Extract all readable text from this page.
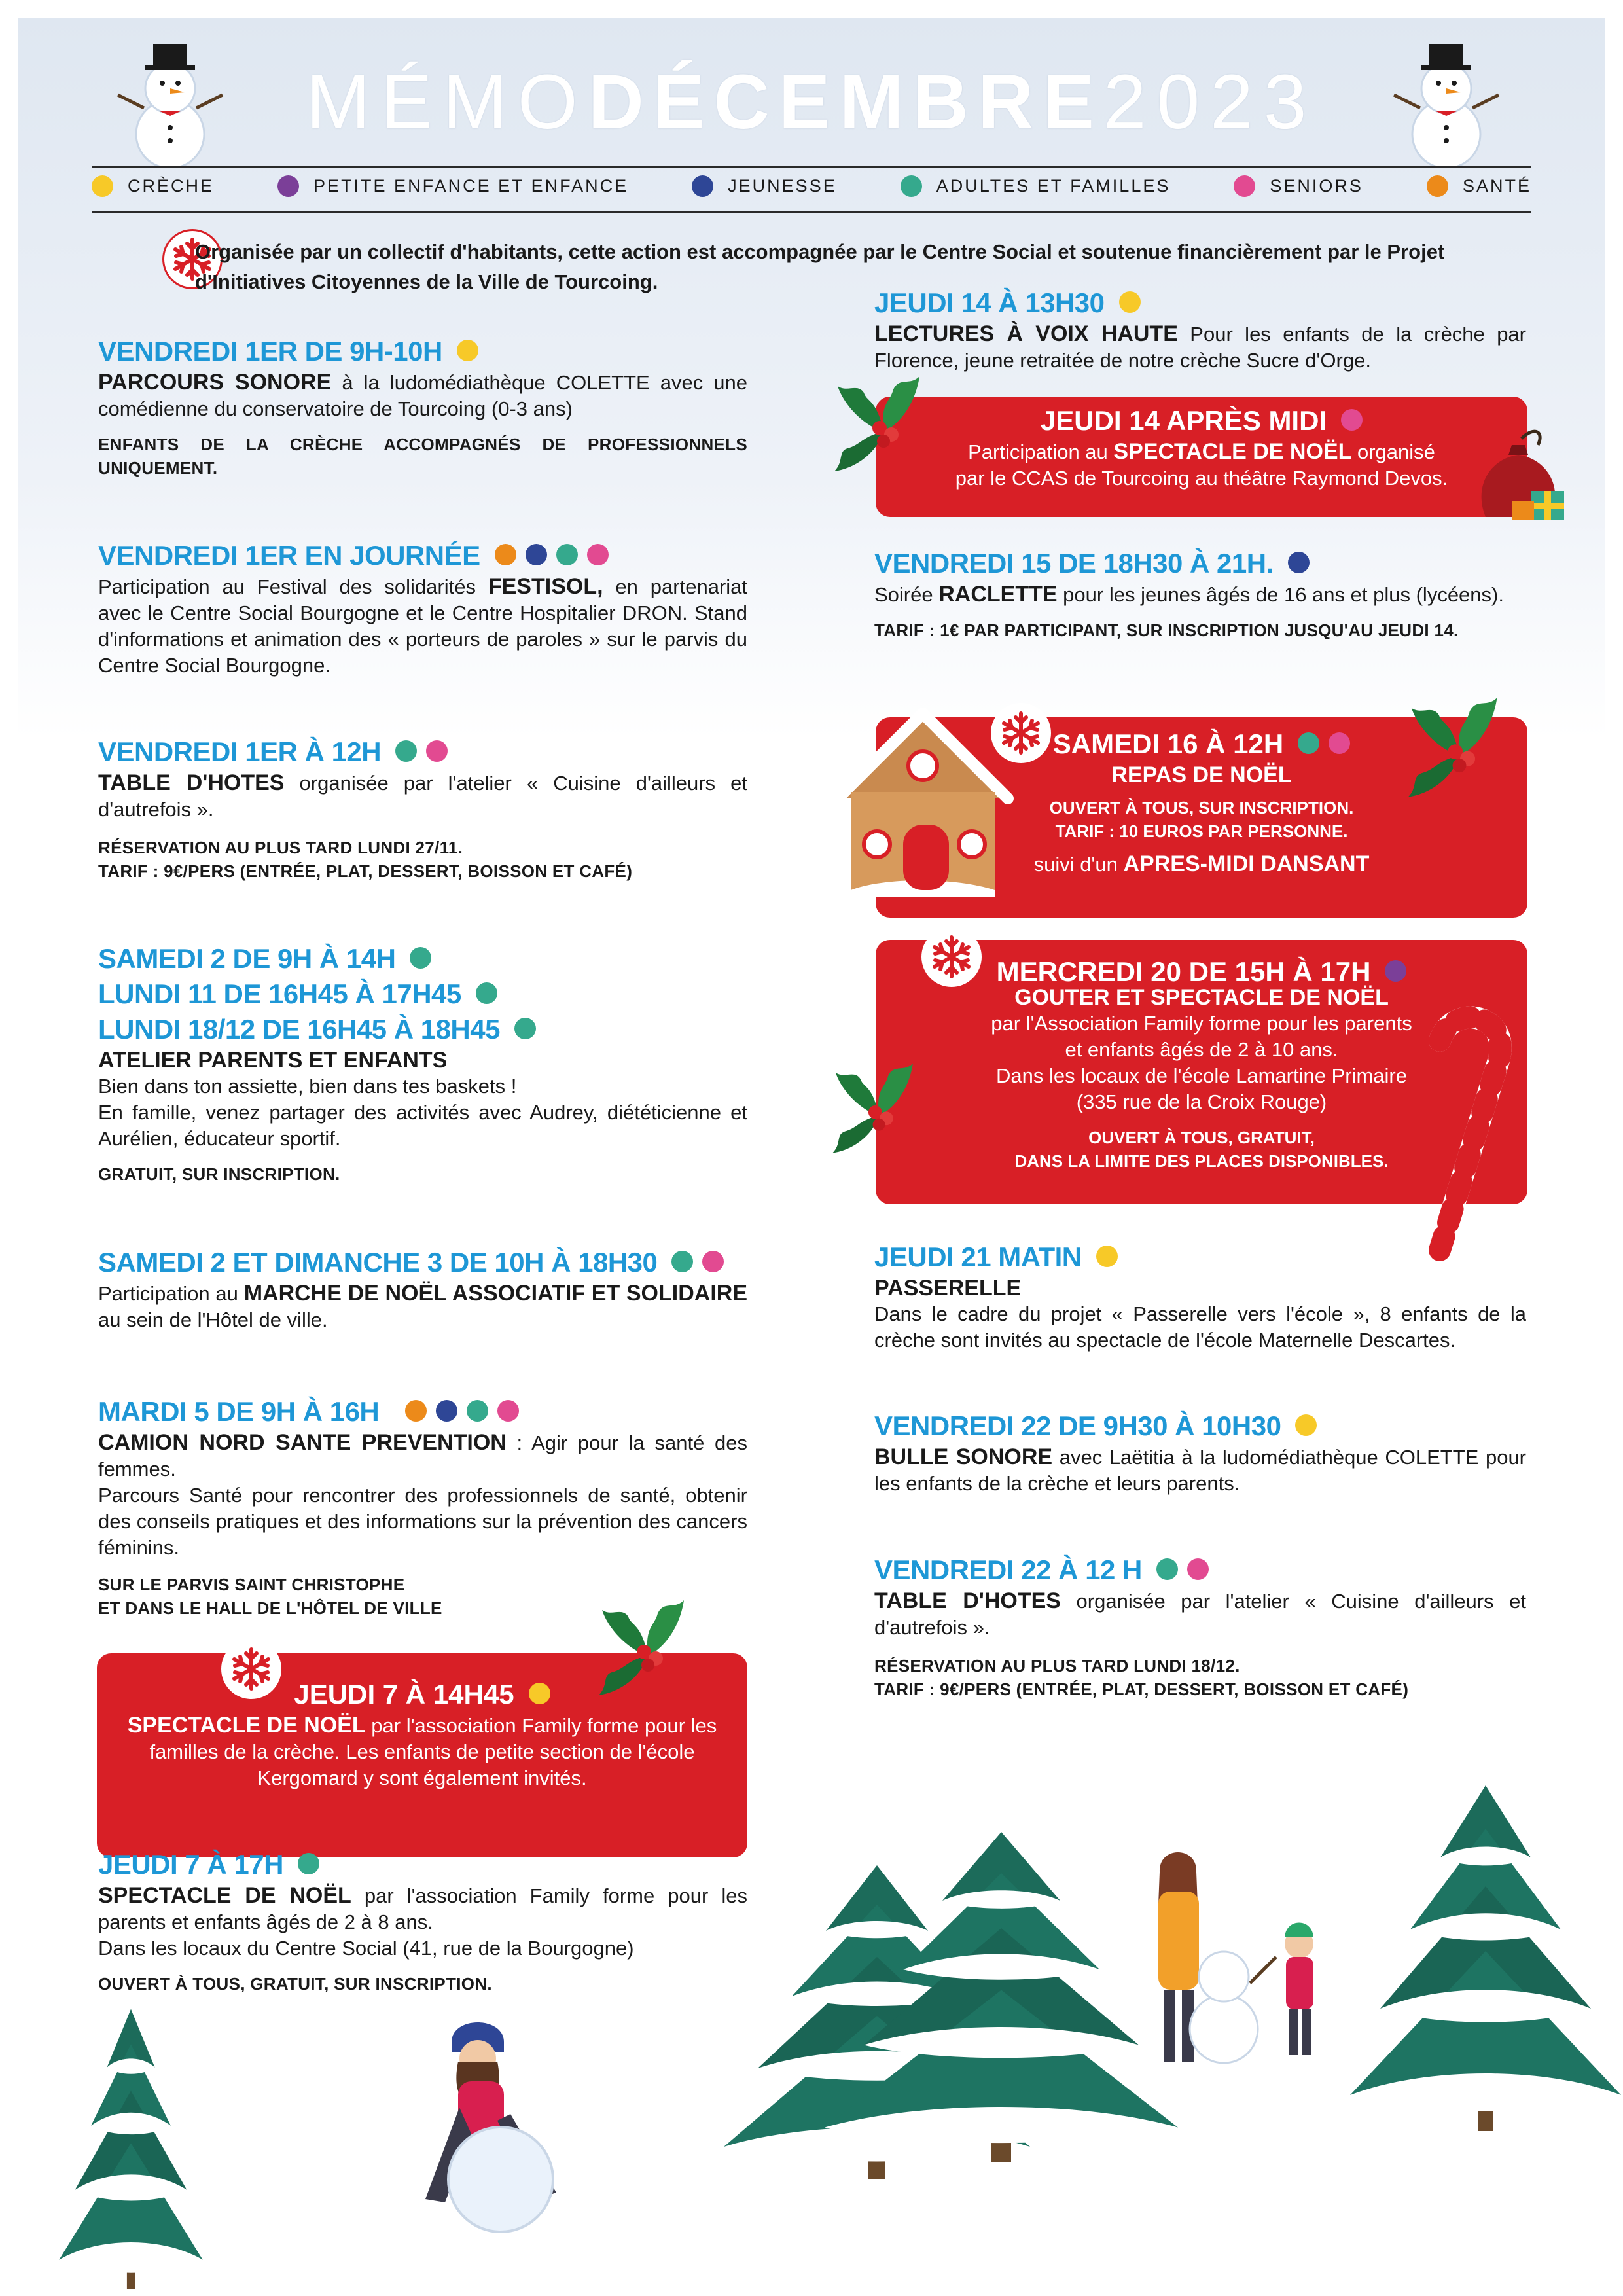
MÉMODÉCEMBRE2023
CRÈCHE	PETITE ENFANCE ET ENFANCE	JEUNESSE	ADULTES ET FAMILLES	SENIORS	SANTÉ
Organisée par un collectif d'habitants, cette action est accompagnée par le Centre Social et soutenue financièrement par le Projet d'Initiatives Citoyennes de la Ville de Tourcoing.
VENDREDI 1ER DE 9H-10H

PARCOURS SONORE à la ludomédiathèque COLETTE avec une comédienne du conservatoire de Tourcoing (0-3 ans)

ENFANTS DE LA CRÈCHE ACCOMPAGNÉS DE PROFESSIONNELS UNIQUEMENT.

VENDREDI 1ER EN JOURNÉE

Participation au Festival des solidarités FESTISOL, en partenariat avec le Centre Social Bourgogne et le Centre Hospitalier DRON. Stand d'informations et animation des « porteurs de paroles » sur le parvis du Centre Social Bourgogne.

VENDREDI 1ER À 12H

TABLE D'HOTES organisée par l'atelier « Cuisine d'ailleurs et d'autrefois ».

RÉSERVATION AU PLUS TARD LUNDI 27/11.

TARIF : 9€/PERS (ENTRÉE, PLAT, DESSERT, BOISSON ET CAFÉ)

SAMEDI 2 DE 9H À 14H
LUNDI 11 DE 16H45 À 17H45
LUNDI 18/12 DE 16H45 À 18H45

ATELIER PARENTS ET ENFANTS

Bien dans ton assiette, bien dans tes baskets !

En famille, venez partager des activités avec Audrey, diététicienne et Aurélien, éducateur sportif.

GRATUIT, SUR INSCRIPTION.

SAMEDI 2 ET DIMANCHE 3 DE 10H À 18H30

Participation au MARCHE DE NOËL ASSOCIATIF ET SOLIDAIRE au sein de l'Hôtel de ville.

MARDI 5 DE 9H À 16H

CAMION NORD SANTE PREVENTION : Agir pour la santé des femmes.

Parcours Santé pour rencontrer des professionnels de santé, obtenir des conseils pratiques et des informations sur la prévention des cancers féminins.

SUR LE PARVIS SAINT CHRISTOPHE

ET DANS LE HALL DE L'HÔTEL DE VILLE

JEUDI 7 À 14H45
SPECTACLE DE NOËL par l'association Family forme pour les familles de la crèche. Les enfants de petite section de l'école Kergomard y sont également invités.
JEUDI 7 À 17H

SPECTACLE DE NOËL par l'association Family forme pour les parents et enfants âgés de 2 à 8 ans.

Dans les locaux du Centre Social (41, rue de la Bourgogne)

OUVERT À TOUS, GRATUIT, SUR INSCRIPTION.

JEUDI 14 À 13H30

LECTURES À VOIX HAUTE Pour les enfants de la crèche par Florence, jeune retraitée de notre crèche Sucre d'Orge.

JEUDI 14 APRÈS MIDI
Participation au SPECTACLE DE NOËL organisé
par le CCAS de Tourcoing au théâtre Raymond Devos.
VENDREDI 15 DE 18H30 À 21H.

Soirée RACLETTE pour les jeunes âgés de 16 ans et plus (lycéens).

TARIF : 1€ PAR PARTICIPANT, SUR INSCRIPTION JUSQU'AU JEUDI 14.

SAMEDI 16 À 12H
REPAS DE NOËL
OUVERT À TOUS, SUR INSCRIPTION.
TARIF : 10 EUROS PAR PERSONNE.
suivi d'un APRES-MIDI DANSANT
MERCREDI 20 DE 15H À 17H
GOUTER ET SPECTACLE DE NOËL
par l'Association Family forme pour les parents
et enfants âgés de 2 à 10 ans.
Dans les locaux de l'école Lamartine Primaire
(335 rue de la Croix Rouge)
OUVERT À TOUS, GRATUIT,
DANS LA LIMITE DES PLACES DISPONIBLES.
JEUDI 21 MATIN

PASSERELLE

Dans le cadre du projet « Passerelle vers l'école », 8 enfants de la crèche sont invités au spectacle de l'école Maternelle Descartes.

VENDREDI 22 DE 9H30 À 10H30

BULLE SONORE avec Laëtitia à la ludomédiathèque COLETTE pour les enfants de la crèche et leurs parents.

VENDREDI 22 À 12 H

TABLE D'HOTES organisée par l'atelier « Cuisine d'ailleurs et d'autrefois ».

RÉSERVATION AU PLUS TARD LUNDI 18/12.

TARIF : 9€/PERS (ENTRÉE, PLAT, DESSERT, BOISSON ET CAFÉ)
